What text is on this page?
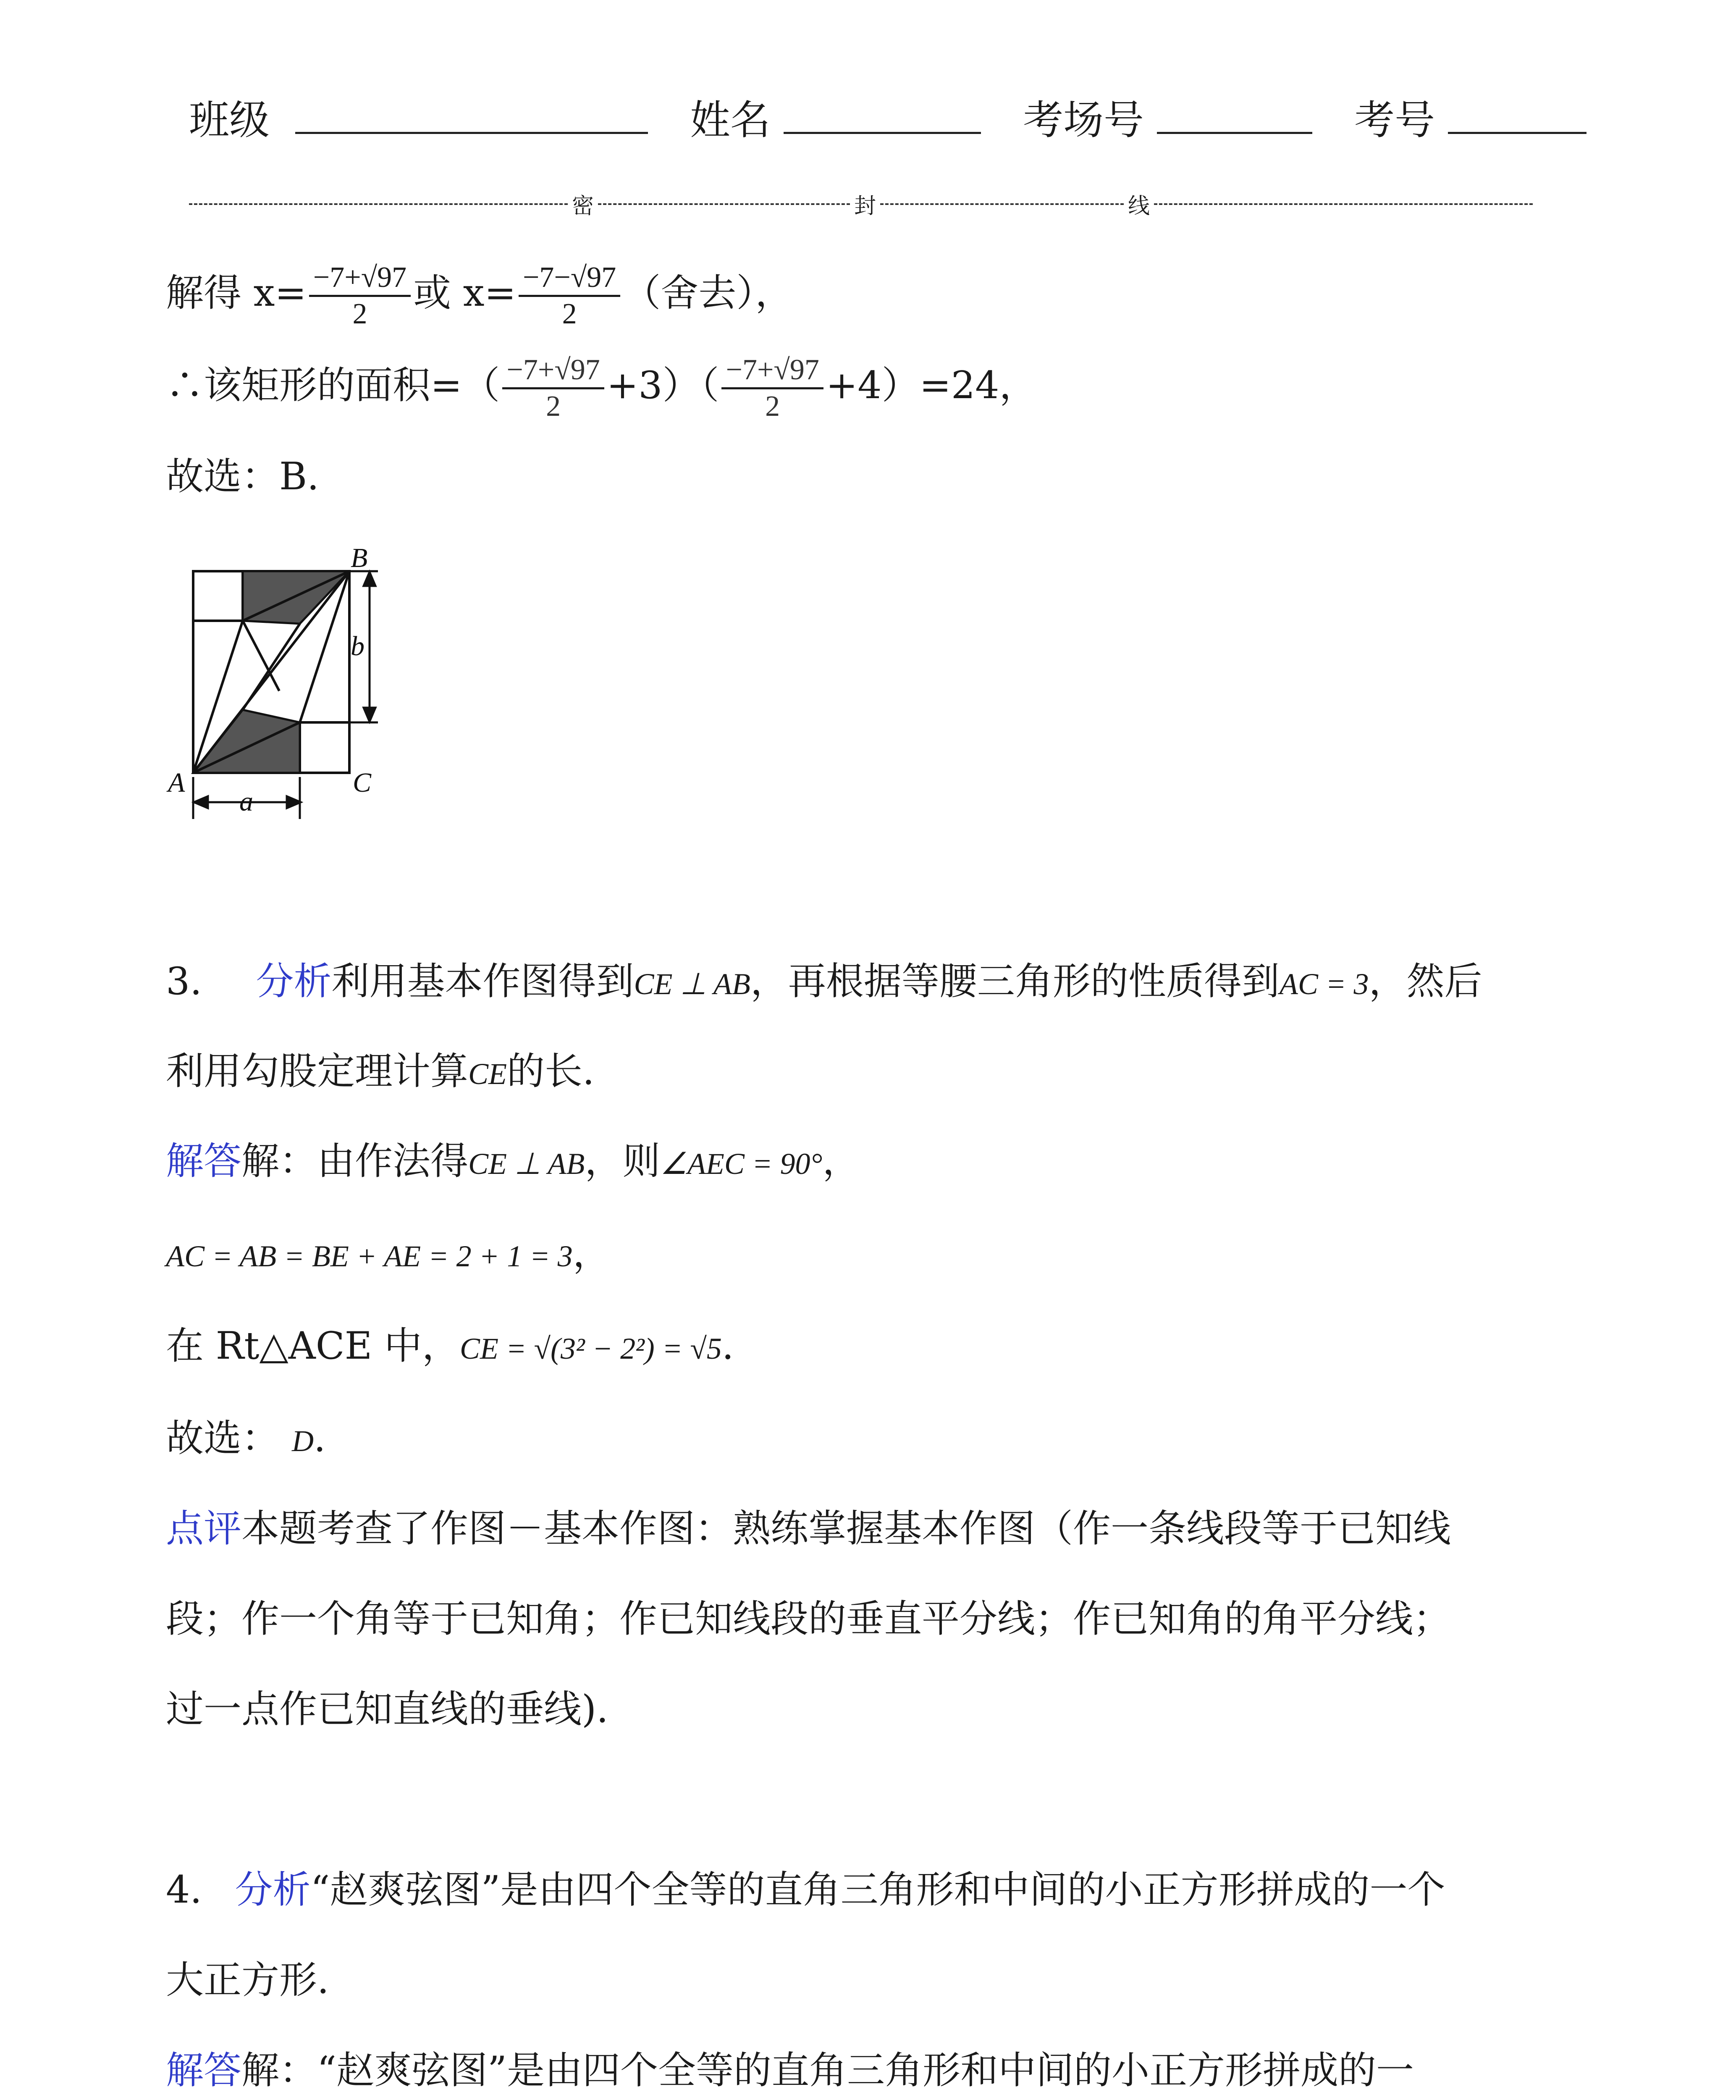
班级	姓名	考场号	考号
密	封	线
解得 $x= \frac{-7+√97}{2}$ 或 $x= \frac{-7-√97}{2}$ （舍去），
∴该矩形的面积=（ $\frac{-7+√97}{2} +3)( \frac{-7+√97}{2} +4)=24$，
故选：B.
B
A	C
b
a
3. 分析利用基本作图得到CE ⊥ AB，再根据等腰三角形的性质得到AC = 3，然后
利用勾股定理计算CE的长.
解答解：由作法得CE ⊥ AB，则∠AEC = 90°，
AC = AB = BE + AE = 2 + 1 = 3，
在 Rt△ACE 中，CE = √(3² − 2²) = √5.
故选： D.
点评本题考查了作图－基本作图：熟练掌握基本作图（作一条线段等于已知线
段；作一个角等于已知角；作已知线段的垂直平分线；作已知角的角平分线；
过一点作已知直线的垂线).
4. 分析“赵爽弦图”是由四个全等的直角三角形和中间的小正方形拼成的一个
大正方形.
解答解：“赵爽弦图”是由四个全等的直角三角形和中间的小正方形拼成的一
